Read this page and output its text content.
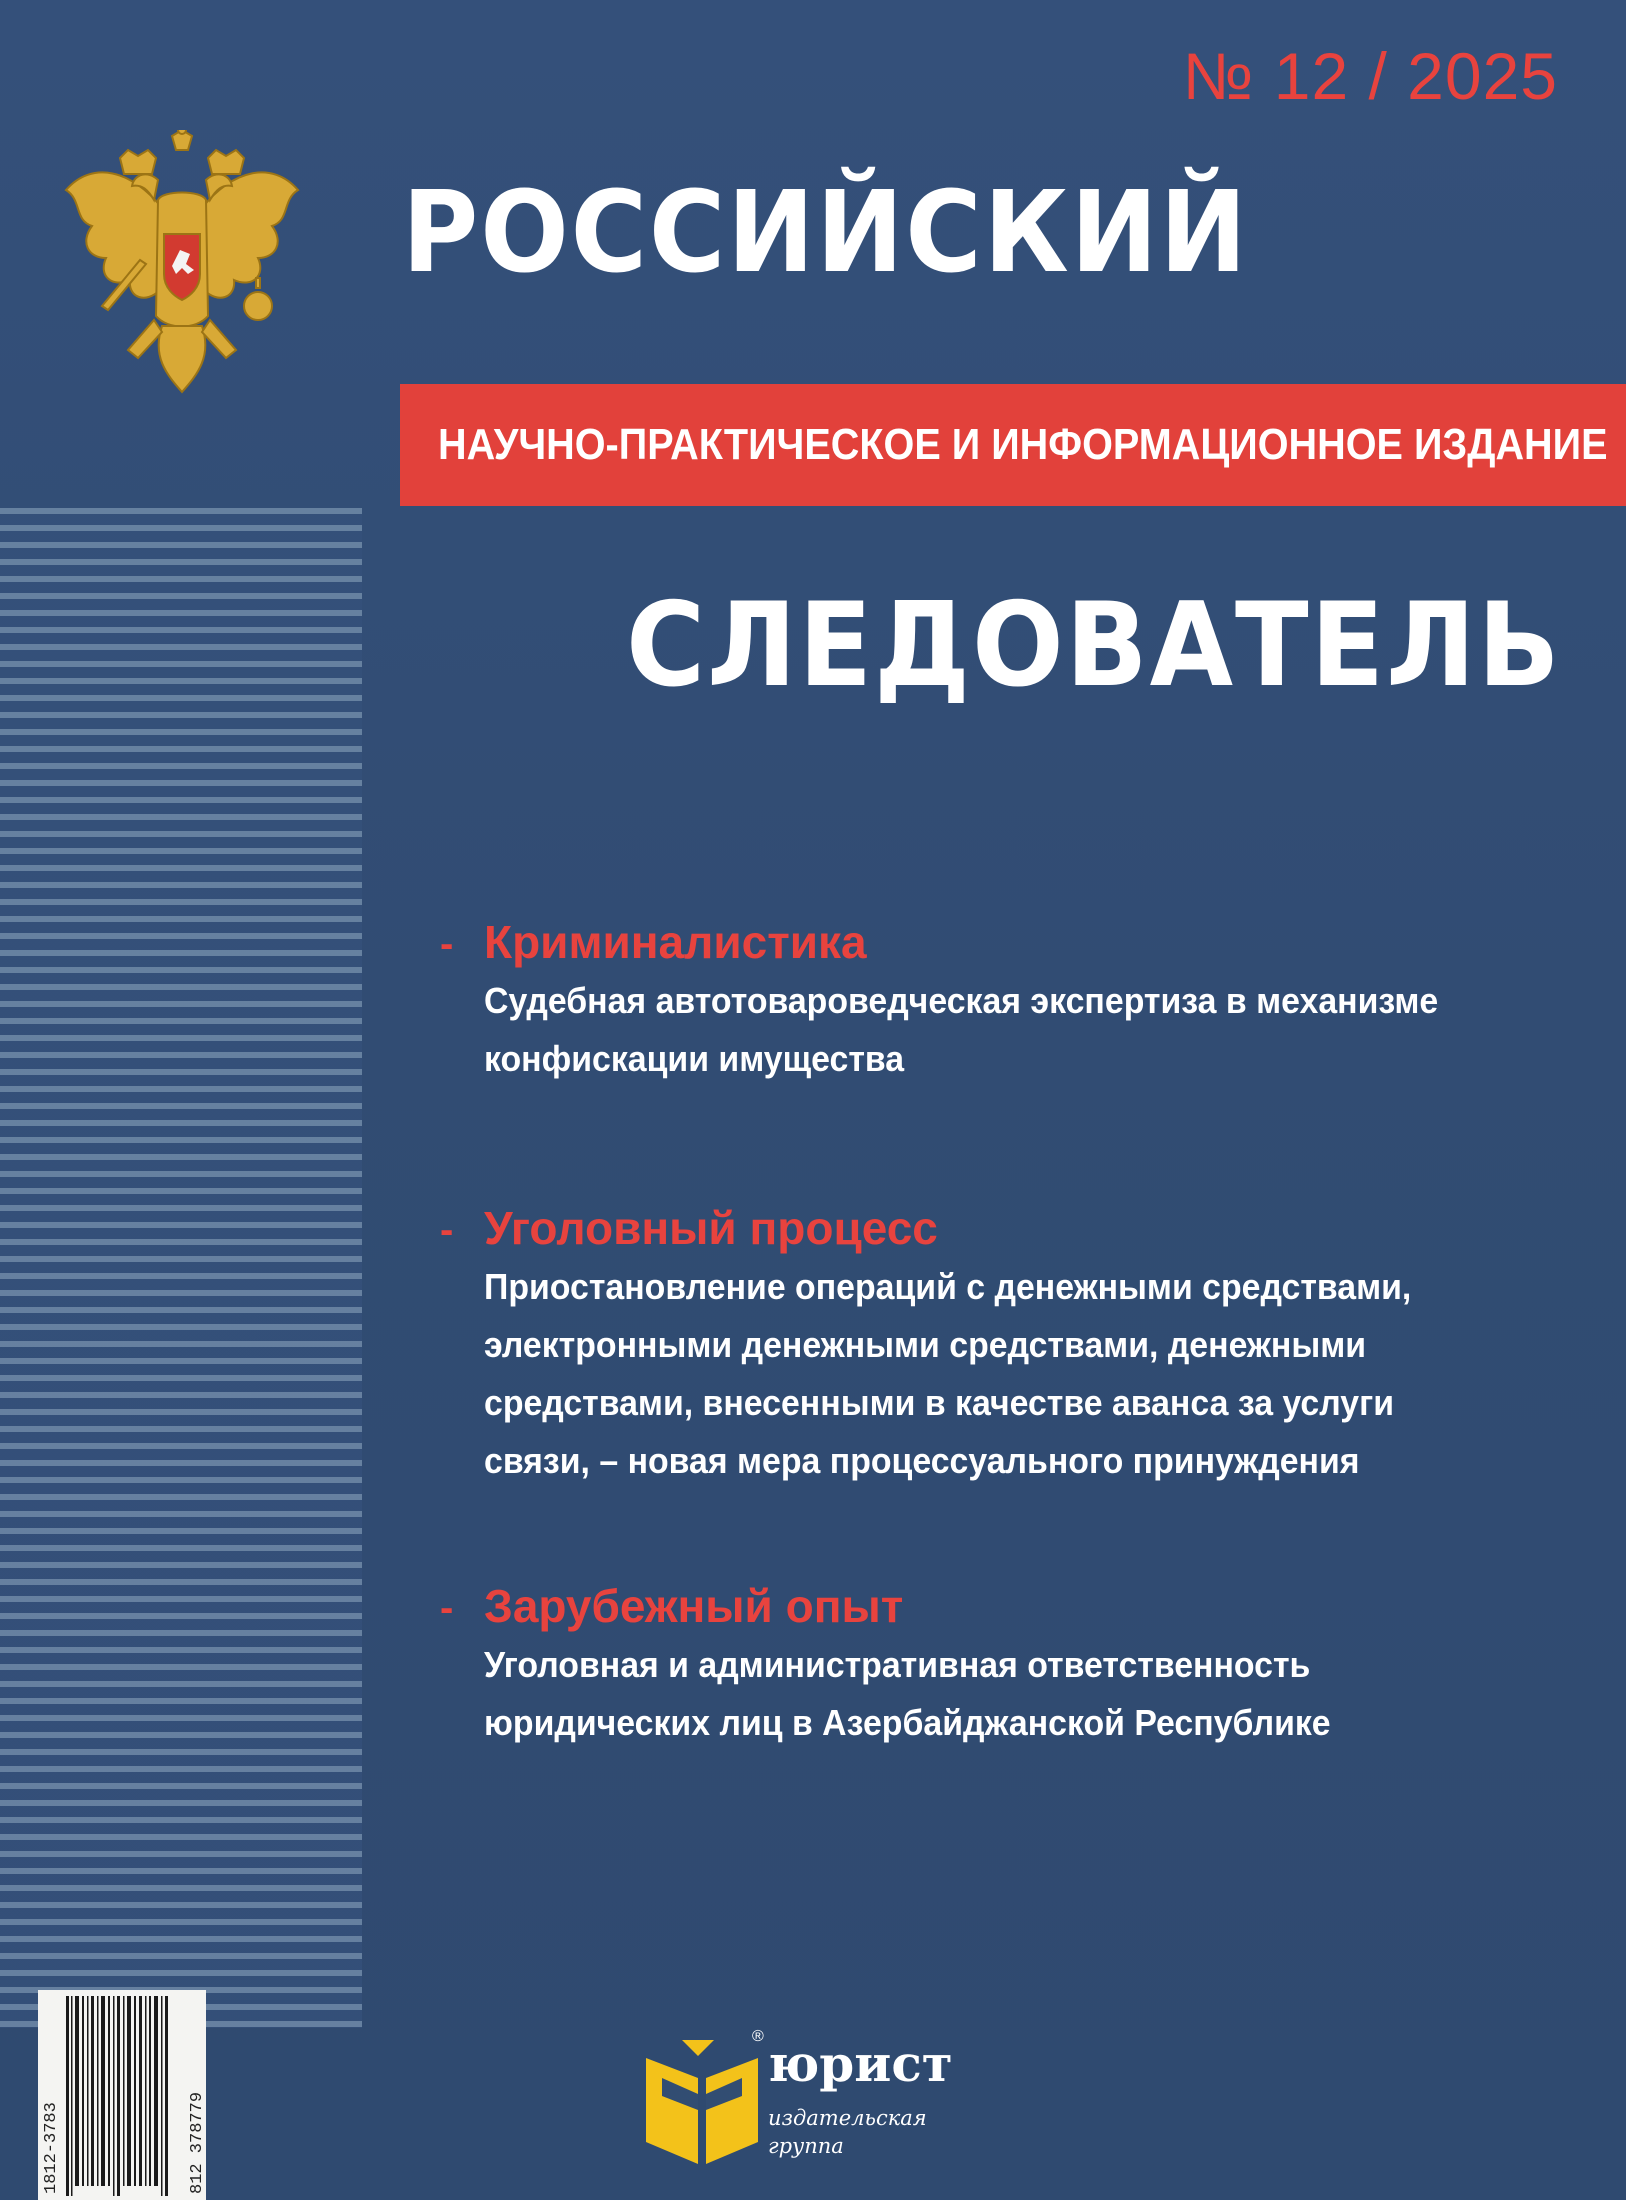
№ 12 / 2025
РОССИЙСКИЙ
НАУЧНО-ПРАКТИЧЕСКОЕ И ИНФОРМАЦИОННОЕ ИЗДАНИЕ
СЛЕДОВАТЕЛЬ
- Криминалистика
Судебная автотовароведческая экспертиза в механизме
конфискации имущества
- Уголовный процесс
Приостановление операций с денежными средствами,
электронными денежными средствами, денежными
средствами, внесенными в качестве аванса за услуги
связи, – новая мера процессуального принуждения
- Зарубежный опыт
Уголовная и административная ответственность
юридических лиц в Азербайджанской Республике
1812-3783	812 378779
® юрист
издательская
группа
